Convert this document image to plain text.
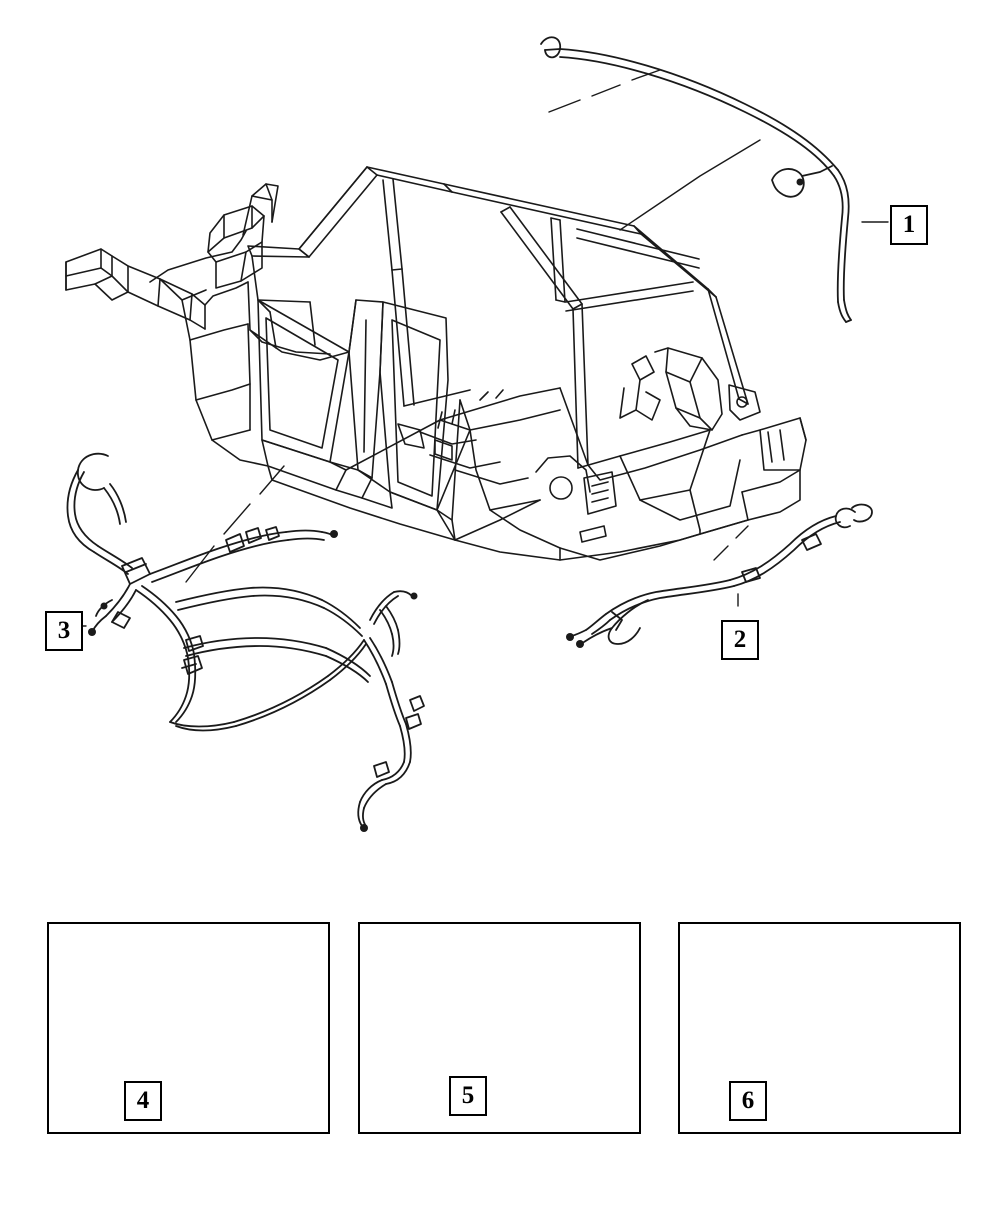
1
2
3
4	5	6
